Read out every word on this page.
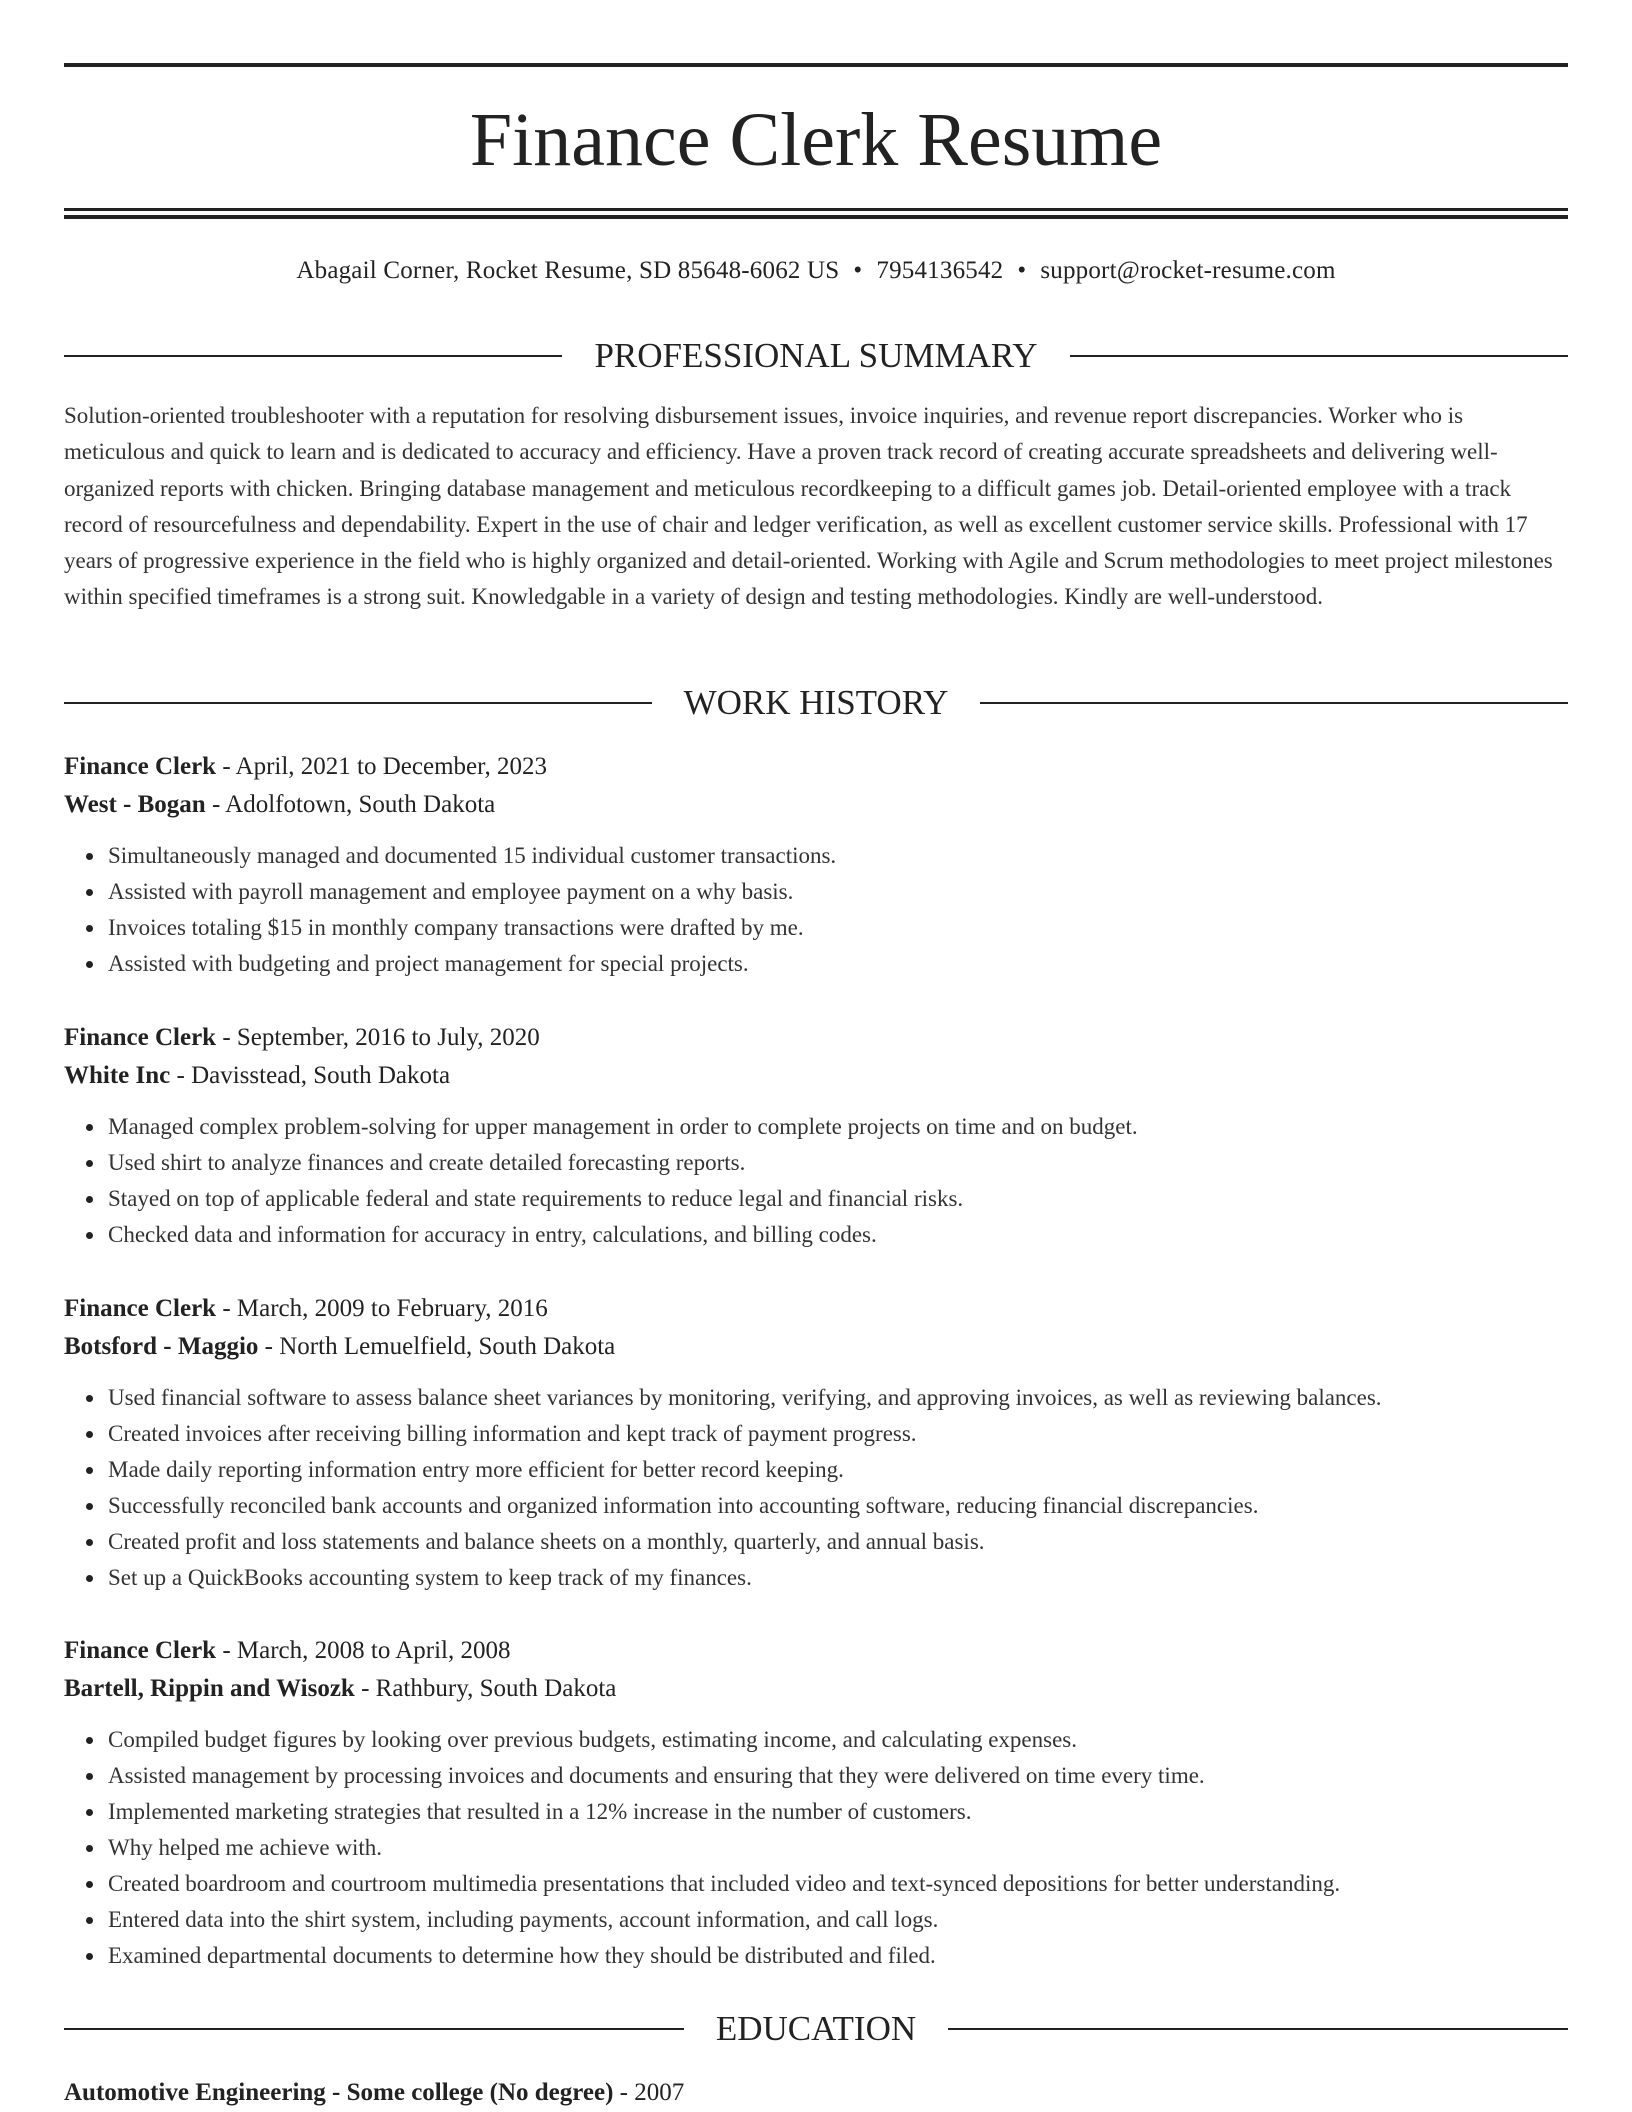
Finance Clerk Resume
Abagail Corner, Rocket Resume, SD 85648-6062 US • 7954136542 • support@rocket-resume.com
PROFESSIONAL SUMMARY

Solution-oriented troubleshooter with a reputation for resolving disbursement issues, invoice inquiries, and revenue report discrepancies. Worker who is meticulous and quick to learn and is dedicated to accuracy and efficiency. Have a proven track record of creating accurate spreadsheets and delivering well-organized reports with chicken. Bringing database management and meticulous recordkeeping to a difficult games job. Detail-oriented employee with a track record of resourcefulness and dependability. Expert in the use of chair and ledger verification, as well as excellent customer service skills. Professional with 17 years of progressive experience in the field who is highly organized and detail-oriented. Working with Agile and Scrum methodologies to meet project milestones within specified timeframes is a strong suit. Knowledgable in a variety of design and testing methodologies. Kindly are well-understood.

WORK HISTORY

Finance Clerk - April, 2021 to December, 2023

West - Bogan - Adolfotown, South Dakota

Simultaneously managed and documented 15 individual customer transactions.
Assisted with payroll management and employee payment on a why basis.
Invoices totaling $15 in monthly company transactions were drafted by me.
Assisted with budgeting and project management for special projects.

Finance Clerk - September, 2016 to July, 2020

White Inc - Davisstead, South Dakota

Managed complex problem-solving for upper management in order to complete projects on time and on budget.
Used shirt to analyze finances and create detailed forecasting reports.
Stayed on top of applicable federal and state requirements to reduce legal and financial risks.
Checked data and information for accuracy in entry, calculations, and billing codes.

Finance Clerk - March, 2009 to February, 2016

Botsford - Maggio - North Lemuelfield, South Dakota

Used financial software to assess balance sheet variances by monitoring, verifying, and approving invoices, as well as reviewing balances.
Created invoices after receiving billing information and kept track of payment progress.
Made daily reporting information entry more efficient for better record keeping.
Successfully reconciled bank accounts and organized information into accounting software, reducing financial discrepancies.
Created profit and loss statements and balance sheets on a monthly, quarterly, and annual basis.
Set up a QuickBooks accounting system to keep track of my finances.

Finance Clerk - March, 2008 to April, 2008

Bartell, Rippin and Wisozk - Rathbury, South Dakota

Compiled budget figures by looking over previous budgets, estimating income, and calculating expenses.
Assisted management by processing invoices and documents and ensuring that they were delivered on time every time.
Implemented marketing strategies that resulted in a 12% increase in the number of customers.
Why helped me achieve with.
Created boardroom and courtroom multimedia presentations that included video and text-synced depositions for better understanding.
Entered data into the shirt system, including payments, account information, and call logs.
Examined departmental documents to determine how they should be distributed and filed.
EDUCATION

Automotive Engineering - Some college (No degree) - 2007
